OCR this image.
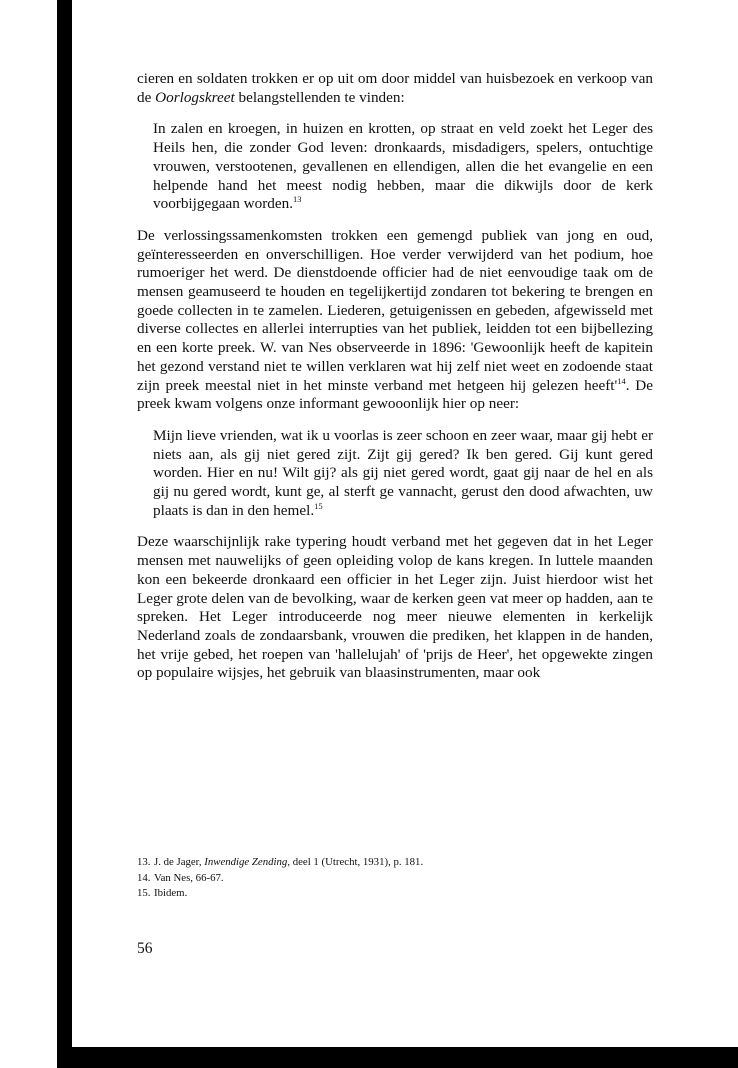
cieren en soldaten trokken er op uit om door middel van huisbezoek en verkoop van de Oorlogskreet belangstellenden te vinden:

In zalen en kroegen, in huizen en krotten, op straat en veld zoekt het Leger des Heils hen, die zonder God leven: dronkaards, misdadigers, spelers, ontuchtige vrouwen, verstootenen, gevallenen en ellendigen, allen die het evangelie en een helpende hand het meest nodig hebben, maar die dikwijls door de kerk voorbijgegaan worden.$^{13}$

De verlossingssamenkomsten trokken een gemengd publiek van jong en oud, geïnteresseerden en onverschilligen. Hoe verder verwijderd van het podium, hoe rumoeriger het werd. De dienstdoende officier had de niet eenvoudige taak om de mensen geamuseerd te houden en tegelijkertijd zondaren tot bekering te brengen en goede collecten in te zamelen. Liederen, getuigenissen en gebeden, afgewisseld met diverse collectes en allerlei interrupties van het publiek, leidden tot een bijbellezing en een korte preek. W. van Nes observeerde in 1896: 'Gewoonlijk heeft de kapitein het gezond verstand niet te willen verklaren wat hij zelf niet weet en zodoende staat zijn preek meestal niet in het minste verband met hetgeen hij gelezen $heeft'^{14}$. De preek kwam volgens onze informant gewooonlijk hier op neer:

Mijn lieve vrienden, wat ik u voorlas is zeer schoon en zeer waar, maar gij hebt er niets aan, als gij niet gered zijt. Zijt gij gered? Ik ben gered. Gij kunt gered worden. Hier en nu! Wilt gij? als gij niet gered wordt, gaat gij naar de hel en als gij nu gered wordt, kunt ge, al sterft ge vannacht, gerust den dood afwachten, uw plaats is dan in den hemel.$^{15}$

Deze waarschijnlijk rake typering houdt verband met het gegeven dat in het Leger mensen met nauwelijks of geen opleiding volop de kans kregen. In luttele maanden kon een bekeerde dronkaard een officier in het Leger zijn. Juist hierdoor wist het Leger grote delen van de bevolking, waar de kerken geen vat meer op hadden, aan te spreken. Het Leger introduceerde nog meer nieuwe elementen in kerkelijk Nederland zoals de zondaarsbank, vrouwen die prediken, het klappen in de handen, het vrije gebed, het roepen van 'hallelujah' of 'prijs de Heer', het opgewekte zingen op populaire wijsjes, het gebruik van blaasinstrumenten, maar ook

13. J. de Jager, Inwendige Zending, deel 1 (Utrecht, 1931), p. 181.
14. Van Nes, 66-67.
15. Ibidem.
56
